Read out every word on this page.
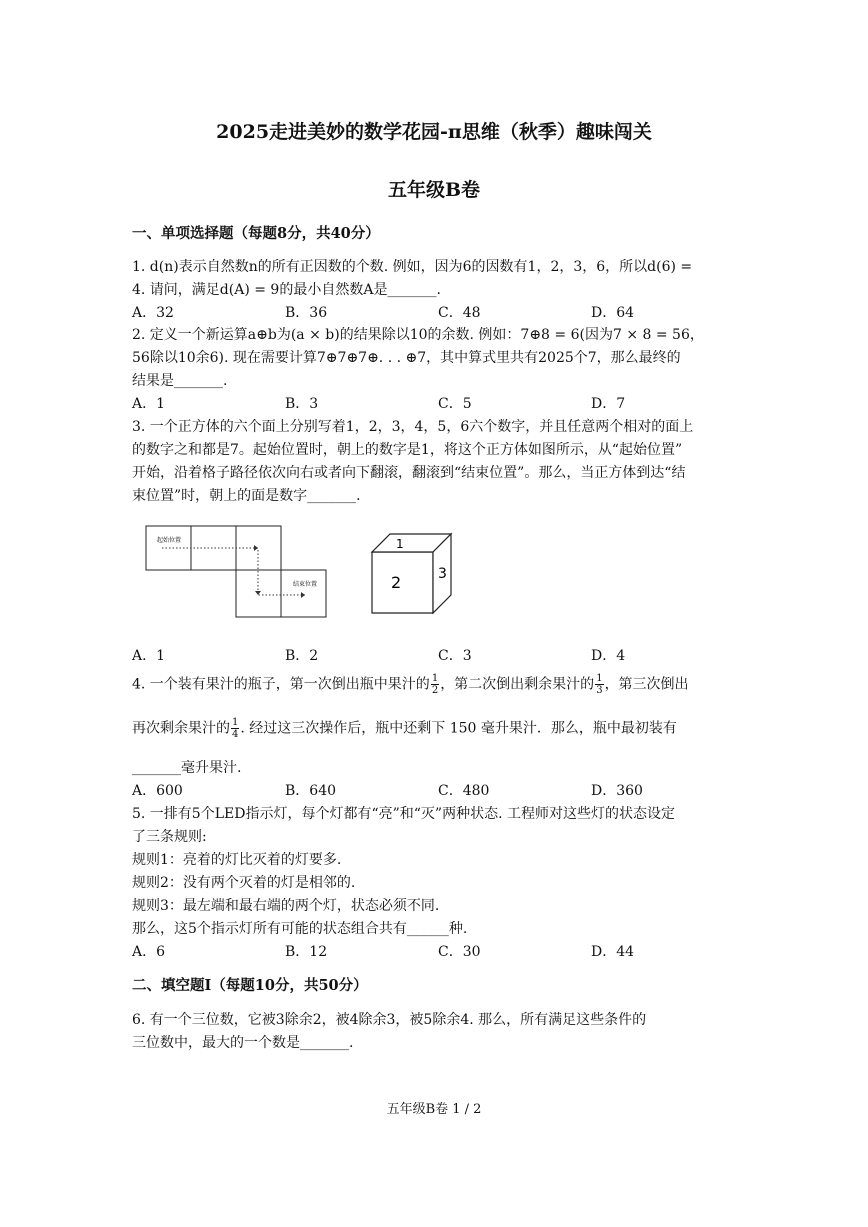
2025走进美妙的数学花园-π思维（秋季）趣味闯关
五年级B卷
一、单项选择题（每题8分，共40分）
1. d(n)表示自然数n的所有正因数的个数. 例如，因为6的因数有1，2，3，6，所以d(6) =
4. 请问，满足d(A) = 9的最小自然数A是_______.
A．32	B．36	C．48	D．64
2. 定义一个新运算a⊕b为(a × b)的结果除以10的余数. 例如：7⊕8 = 6(因为7 × 8 = 56，
56除以10余6). 现在需要计算7⊕7⊕7⊕. . . ⊕7，其中算式里共有2025个7，那么最终的
结果是_______.
A．1	B．3	C．5	D．7
3. 一个正方体的六个面上分别写着1，2，3，4，5，6六个数字，并且任意两个相对的面上
的数字之和都是7。起始位置时，朝上的数字是1，将这个正方体如图所示，从“起始位置”
开始，沿着格子路径依次向右或者向下翻滚，翻滚到“结束位置”。那么，当正方体到达“结
束位置”时，朝上的面是数字_______.
起始位置
结束位置
1
2	3
A．1	B．2	C．3	D．4
4. 一个装有果汁的瓶子，第一次倒出瓶中果汁的 $\frac{1}{2}$ ，第二次倒出剩余果汁的 $\frac{1}{3}$ ，第三次倒出
再次剩余果汁的 $\frac{1}{4}$ . 经过这三次操作后，瓶中还剩下 150 毫升果汁．那么，瓶中最初装有
_______毫升果汁.
A．600	B．640	C．480	D．360
5. 一排有5个LED指示灯，每个灯都有“亮”和“灭”两种状态. 工程师对这些灯的状态设定
了三条规则:
规则1：亮着的灯比灭着的灯要多.
规则2：没有两个灭着的灯是相邻的.
规则3：最左端和最右端的两个灯，状态必须不同.
那么，这5个指示灯所有可能的状态组合共有______种.
A．6	B．12	C．30	D．44
二、填空题Ⅰ（每题10分，共50分）
6. 有一个三位数，它被3除余2，被4除余3，被5除余4. 那么，所有满足这些条件的
三位数中，最大的一个数是_______.
五年级B卷 1 / 2
